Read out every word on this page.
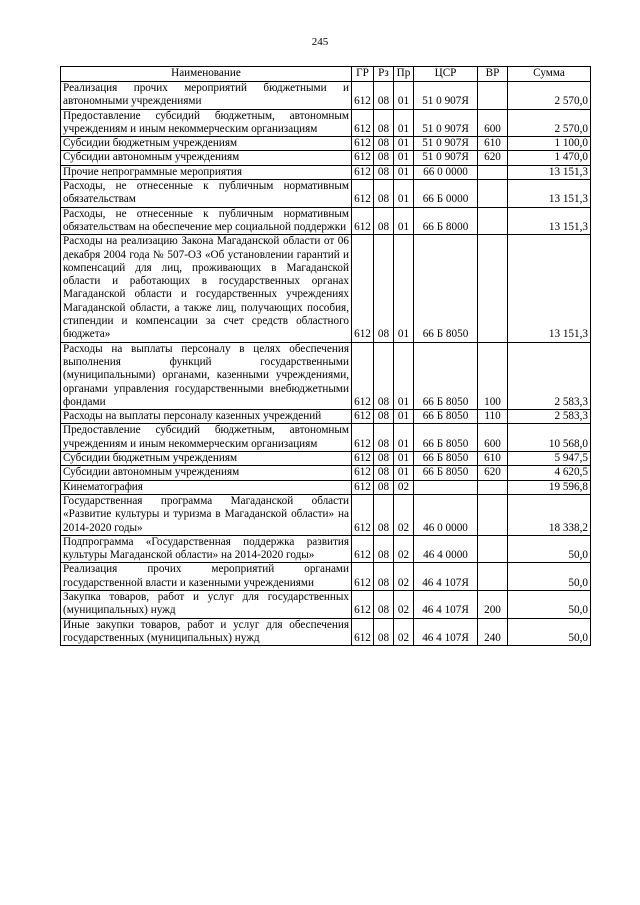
245
Наименование	ГР	Рз	Пр	ЦСР	ВР	Сумма
Реализация прочих мероприятий бюджетными и автономными учреждениями	612	08	01	51 0 907Я		2 570,0
Предоставление субсидий бюджетным, автономным учреждениям и иным некоммерческим организациям	612	08	01	51 0 907Я	600	2 570,0
Субсидии бюджетным учреждениям	612	08	01	51 0 907Я	610	1 100,0
Субсидии автономным учреждениям	612	08	01	51 0 907Я	620	1 470,0
Прочие непрограммные мероприятия	612	08	01	66 0 0000		13 151,3
Расходы, не отнесенные к публичным нормативным обязательствам	612	08	01	66 Б 0000		13 151,3
Расходы, не отнесенные к публичным нормативным обязательствам на обеспечение мер социальной поддержки	612	08	01	66 Б 8000		13 151,3
Расходы на реализацию Закона Магаданской области от 06 декабря 2004 года № 507-ОЗ «Об установлении гарантий и компенсаций для лиц, проживающих в Магаданской области и работающих в государственных органах Магаданской области и государственных учреждениях Магаданской области, а также лиц, получающих пособия, стипендии и компенсации за счет средств областного бюджета»	612	08	01	66 Б 8050		13 151,3
Расходы на выплаты персоналу в целях обеспечения выполнения функций государственными (муниципальными) органами, казенными учреждениями, органами управления государственными внебюджетными фондами	612	08	01	66 Б 8050	100	2 583,3
Расходы на выплаты персоналу казенных учреждений	612	08	01	66 Б 8050	110	2 583,3
Предоставление субсидий бюджетным, автономным учреждениям и иным некоммерческим организациям	612	08	01	66 Б 8050	600	10 568,0
Субсидии бюджетным учреждениям	612	08	01	66 Б 8050	610	5 947,5
Субсидии автономным учреждениям	612	08	01	66 Б 8050	620	4 620,5
Кинематография	612	08	02			19 596,8
Государственная программа Магаданской области «Развитие культуры и туризма в Магаданской области» на 2014-2020 годы»	612	08	02	46 0 0000		18 338,2
Подпрограмма «Государственная поддержка развития культуры Магаданской области» на 2014-2020 годы»	612	08	02	46 4 0000		50,0
Реализация прочих мероприятий органами государственной власти и казенными учреждениями	612	08	02	46 4 107Я		50,0
Закупка товаров, работ и услуг для государственных (муниципальных) нужд	612	08	02	46 4 107Я	200	50,0
Иные закупки товаров, работ и услуг для обеспечения государственных (муниципальных) нужд	612	08	02	46 4 107Я	240	50,0
